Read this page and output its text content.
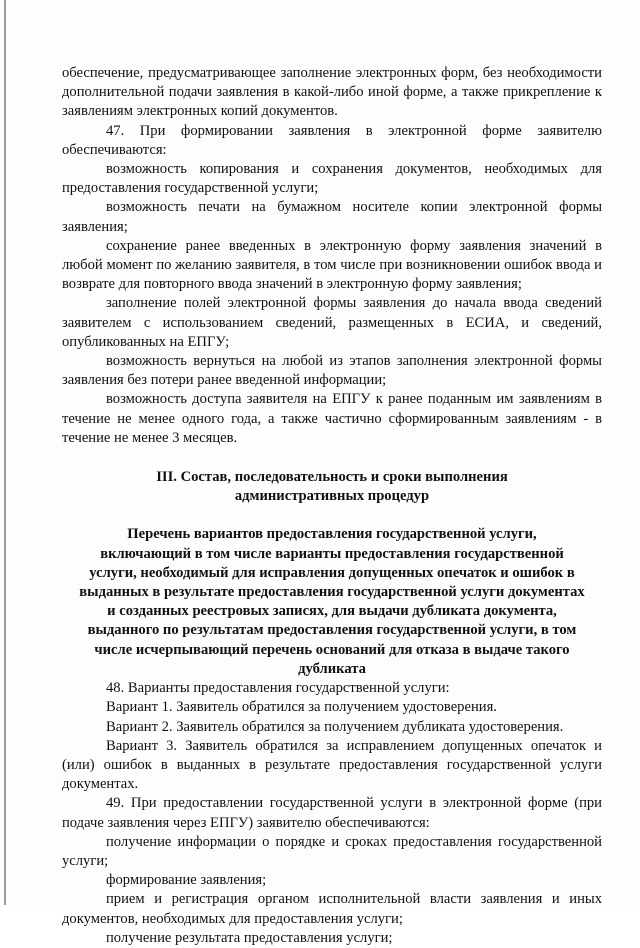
обеспечение, предусматривающее заполнение электронных форм, без необходимости дополнительной подачи заявления в какой-либо иной форме, а также прикрепление к заявлениям электронных копий документов.

47. При формировании заявления в электронной форме заявителю обеспечиваются:

возможность копирования и сохранения документов, необходимых для предоставления государственной услуги;

возможность печати на бумажном носителе копии электронной формы заявления;

сохранение ранее введенных в электронную форму заявления значений в любой момент по желанию заявителя, в том числе при возникновении ошибок ввода и возврате для повторного ввода значений в электронную форму заявления;

заполнение полей электронной формы заявления до начала ввода сведений заявителем с использованием сведений, размещенных в ЕСИА, и сведений, опубликованных на ЕПГУ;

возможность вернуться на любой из этапов заполнения электронной формы заявления без потери ранее введенной информации;

возможность доступа заявителя на ЕПГУ к ранее поданным им заявлениям в течение не менее одного года, а также частично сформированным заявлениям - в течение не менее 3 месяцев.

III. Состав, последовательность и сроки выполнения
административных процедур
Перечень вариантов предоставления государственной услуги,
включающий в том числе варианты предоставления государственной
услуги, необходимый для исправления допущенных опечаток и ошибок в
выданных в результате предоставления государственной услуги документах
и созданных реестровых записях, для выдачи дубликата документа,
выданного по результатам предоставления государственной услуги, в том
числе исчерпывающий перечень оснований для отказа в выдаче такого
дубликата

48. Варианты предоставления государственной услуги:

Вариант 1. Заявитель обратился за получением удостоверения.

Вариант 2. Заявитель обратился за получением дубликата удостоверения.

Вариант 3. Заявитель обратился за исправлением допущенных опечаток и (или) ошибок в выданных в результате предоставления государственной услуги документах.

49. При предоставлении государственной услуги в электронной форме (при подаче заявления через ЕПГУ) заявителю обеспечиваются:

получение информации о порядке и сроках предоставления государственной услуги;

формирование заявления;

прием и регистрация органом исполнительной власти заявления и иных документов, необходимых для предоставления услуги;

получение результата предоставления услуги;
